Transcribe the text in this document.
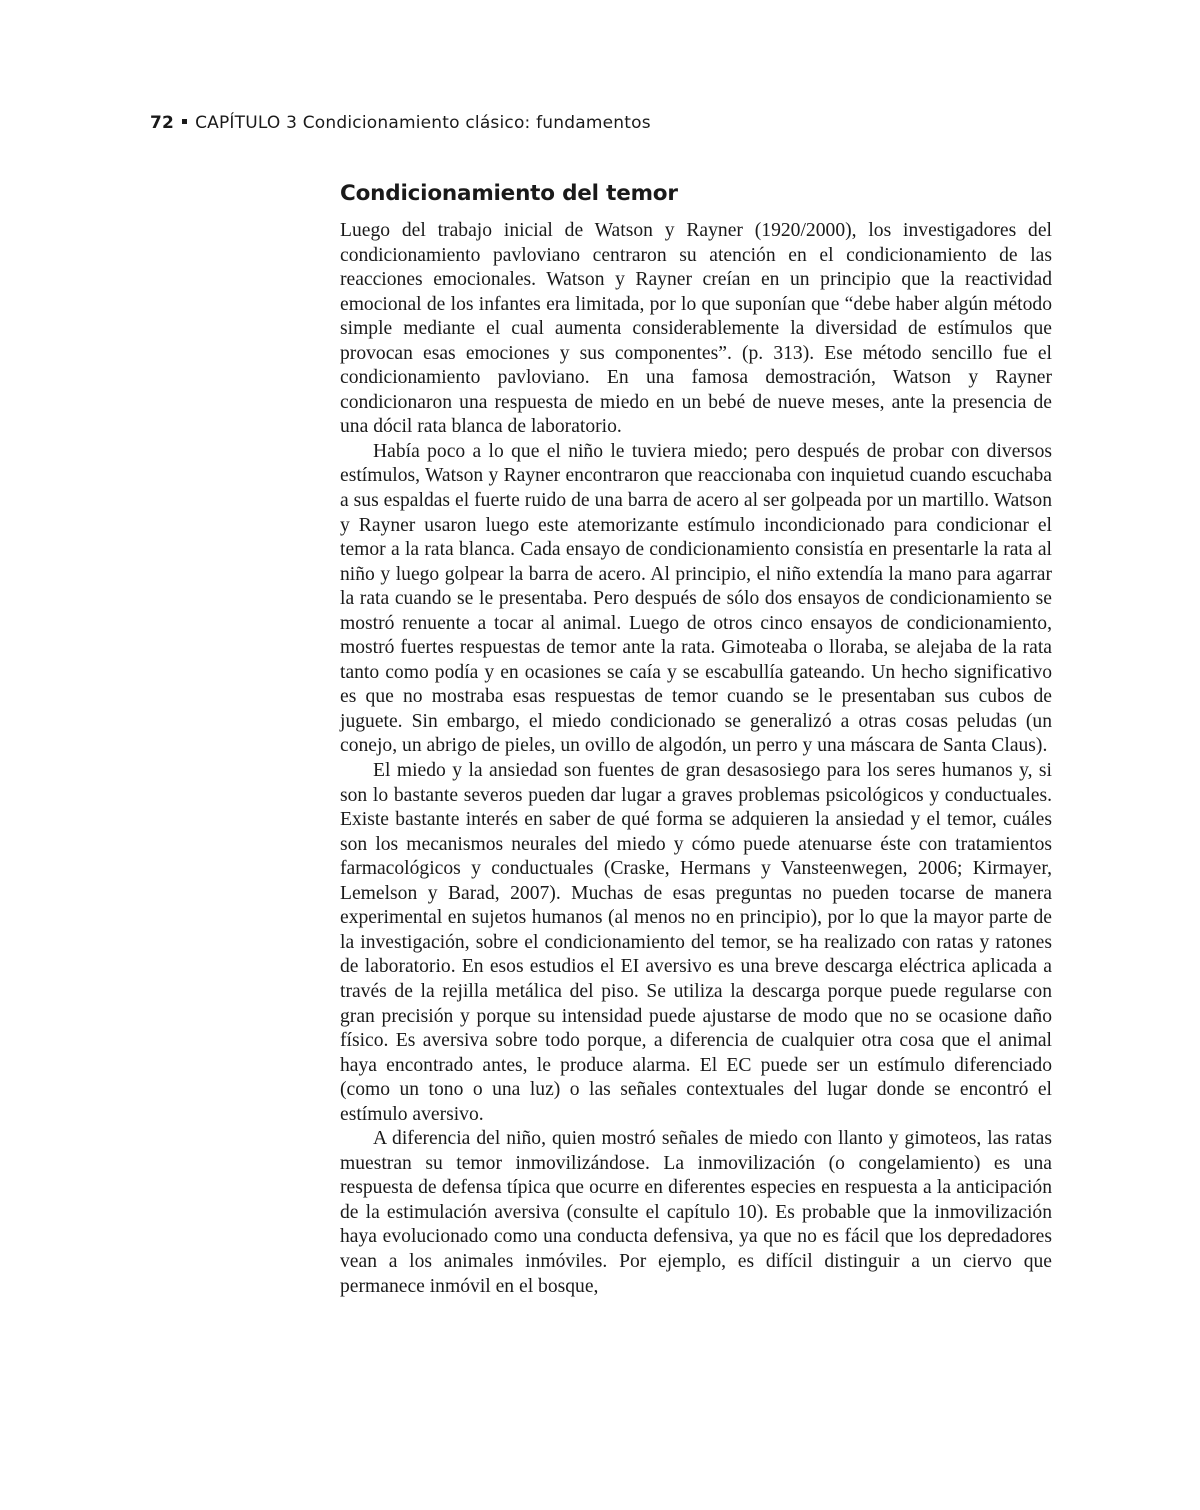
72 CAPÍTULO 3 Condicionamiento clásico: fundamentos
Condicionamiento del temor

Luego del trabajo inicial de Watson y Rayner (1920/2000), los investigadores del condicionamiento pavloviano centraron su atención en el condicionamiento de las reacciones emocionales. Watson y Rayner creían en un principio que la reactividad emocional de los infantes era limitada, por lo que suponían que “debe haber algún método simple mediante el cual aumenta considerablemente la diversidad de estímulos que provocan esas emociones y sus componentes”. (p. 313). Ese método sencillo fue el condicionamiento pavloviano. En una famosa demostración, Watson y Rayner condicionaron una respuesta de miedo en un bebé de nueve meses, ante la presencia de una dócil rata blanca de laboratorio.

Había poco a lo que el niño le tuviera miedo; pero después de probar con diversos estímulos, Watson y Rayner encontraron que reaccionaba con inquietud cuando escuchaba a sus espaldas el fuerte ruido de una barra de acero al ser golpeada por un martillo. Watson y Rayner usaron luego este atemorizante estímulo incondicionado para condicionar el temor a la rata blanca. Cada ensayo de condicionamiento consistía en presentarle la rata al niño y luego golpear la barra de acero. Al principio, el niño extendía la mano para agarrar la rata cuando se le presentaba. Pero después de sólo dos ensayos de condicionamiento se mostró renuente a tocar al animal. Luego de otros cinco ensayos de condicionamiento, mostró fuertes respuestas de temor ante la rata. Gimoteaba o lloraba, se alejaba de la rata tanto como podía y en ocasiones se caía y se escabullía gateando. Un hecho significativo es que no mostraba esas respuestas de temor cuando se le presentaban sus cubos de juguete. Sin embargo, el miedo condicionado se generalizó a otras cosas peludas (un conejo, un abrigo de pieles, un ovillo de algodón, un perro y una máscara de Santa Claus).

El miedo y la ansiedad son fuentes de gran desasosiego para los seres humanos y, si son lo bastante severos pueden dar lugar a graves problemas psicológicos y conductuales. Existe bastante interés en saber de qué forma se adquieren la ansiedad y el temor, cuáles son los mecanismos neurales del miedo y cómo puede atenuarse éste con tratamientos farmacológicos y conductuales (Craske, Hermans y Vansteenwegen, 2006; Kirmayer, Lemelson y Barad, 2007). Muchas de esas preguntas no pueden tocarse de manera experimental en sujetos humanos (al menos no en principio), por lo que la mayor parte de la investigación, sobre el condicionamiento del temor, se ha realizado con ratas y ratones de laboratorio. En esos estudios el EI aversivo es una breve descarga eléctrica aplicada a través de la rejilla metálica del piso. Se utiliza la descarga porque puede regularse con gran precisión y porque su intensidad puede ajustarse de modo que no se ocasione daño físico. Es aversiva sobre todo porque, a diferencia de cualquier otra cosa que el animal haya encontrado antes, le produce alarma. El EC puede ser un estímulo diferenciado (como un tono o una luz) o las señales contextuales del lugar donde se encontró el estímulo aversivo.

A diferencia del niño, quien mostró señales de miedo con llanto y gimoteos, las ratas muestran su temor inmovilizándose. La inmovilización (o congelamiento) es una respuesta de defensa típica que ocurre en diferentes especies en respuesta a la anticipación de la estimulación aversiva (consulte el capítulo 10). Es probable que la inmovilización haya evolucionado como una conducta defensiva, ya que no es fácil que los depredadores vean a los animales inmóviles. Por ejemplo, es difícil distinguir a un ciervo que permanece inmóvil en el bosque,
